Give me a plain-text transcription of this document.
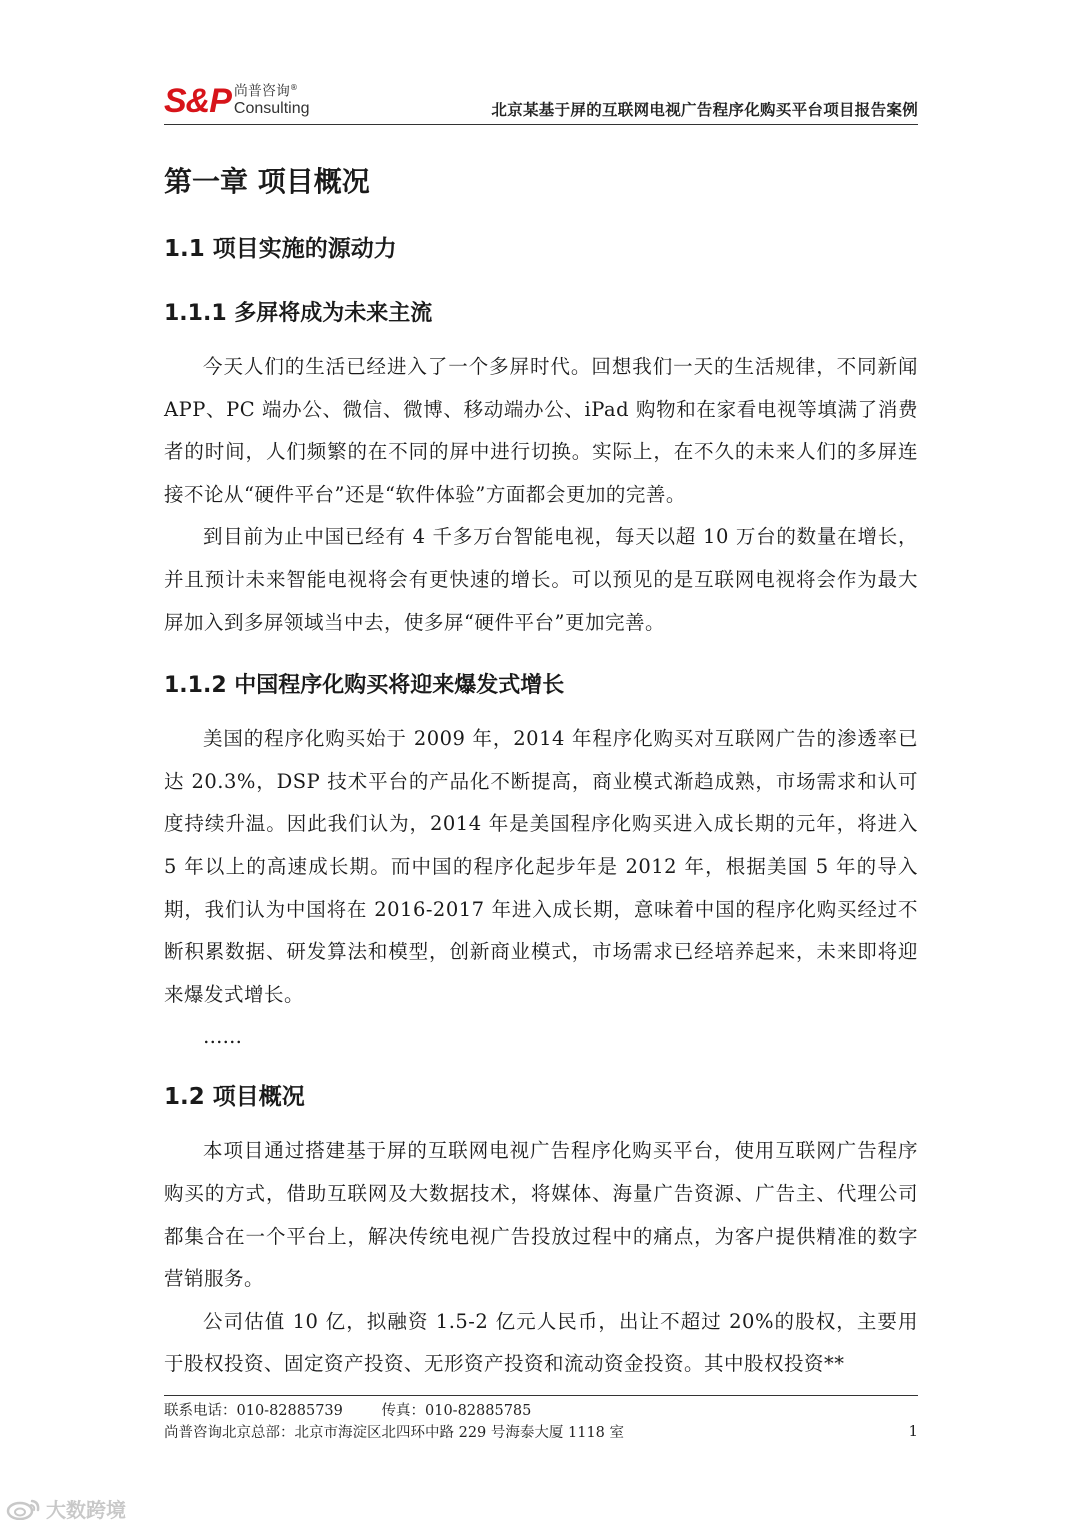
S&P 尚普咨询®
Consulting	北京某基于屏的互联网电视广告程序化购买平台项目报告案例
第一章 项目概况
1.1 项目实施的源动力
1.1.1 多屏将成为未来主流

今天人们的生活已经进入了一个多屏时代。回想我们一天的生活规律，不同新闻 APP、PC 端办公、微信、微博、移动端办公、iPad 购物和在家看电视等填满了消费者的时间，人们频繁的在不同的屏中进行切换。实际上，在不久的未来人们的多屏连接不论从“硬件平台”还是“软件体验”方面都会更加的完善。

到目前为止中国已经有 4 千多万台智能电视，每天以超 10 万台的数量在增长，并且预计未来智能电视将会有更快速的增长。可以预见的是互联网电视将会作为最大屏加入到多屏领域当中去，使多屏“硬件平台”更加完善。

1.1.2 中国程序化购买将迎来爆发式增长

美国的程序化购买始于 2009 年，2014 年程序化购买对互联网广告的渗透率已达 20.3%，DSP 技术平台的产品化不断提高，商业模式渐趋成熟，市场需求和认可度持续升温。因此我们认为，2014 年是美国程序化购买进入成长期的元年，将进入 5 年以上的高速成长期。而中国的程序化起步年是 2012 年，根据美国 5 年的导入期，我们认为中国将在 2016-2017 年进入成长期，意味着中国的程序化购买经过不断积累数据、研发算法和模型，创新商业模式，市场需求已经培养起来，未来即将迎来爆发式增长。

……

1.2 项目概况

本项目通过搭建基于屏的互联网电视广告程序化购买平台，使用互联网广告程序购买的方式，借助互联网及大数据技术，将媒体、海量广告资源、广告主、代理公司都集合在一个平台上，解决传统电视广告投放过程中的痛点，为客户提供精准的数字营销服务。

公司估值 10 亿，拟融资 1.5-2 亿元人民币，出让不超过 20%的股权，主要用于股权投资、固定资产投资、无形资产投资和流动资金投资。其中股权投资**

联系电话：010-82885739	传真：010-82885785
尚普咨询北京总部：北京市海淀区北四环中路 229 号海泰大厦 1118 室	1
大数跨境
